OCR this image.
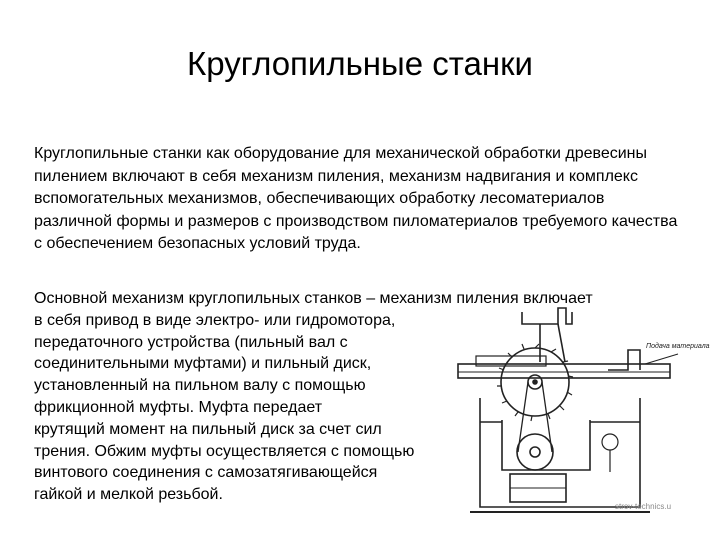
Круглопильные станки
Круглопильные станки как оборудование для механической обработки древесины пилением включают в себя механизм пиления, механизм надвигания и комплекс вспомогательных механизмов, обеспечивающих обработку лесоматериалов различной формы и размеров с производством пиломатериалов требуемого качества с обеспечением безопасных условий труда.
Основной механизм круглопильных станков – механизм пиления включает
в себя привод в виде электро- или гидромотора,
передаточного устройства (пильный вал с
соединительными муфтами) и пильный диск,
установленный на пильном валу с помощью
фрикционной муфты. Муфта передает
крутящий момент на пильный диск за счет сил
трения. Обжим муфты осуществляется с помощью
винтового соединения с самозатягивающейся
гайкой и мелкой резьбой.
Подача материала
strov-technics.u
